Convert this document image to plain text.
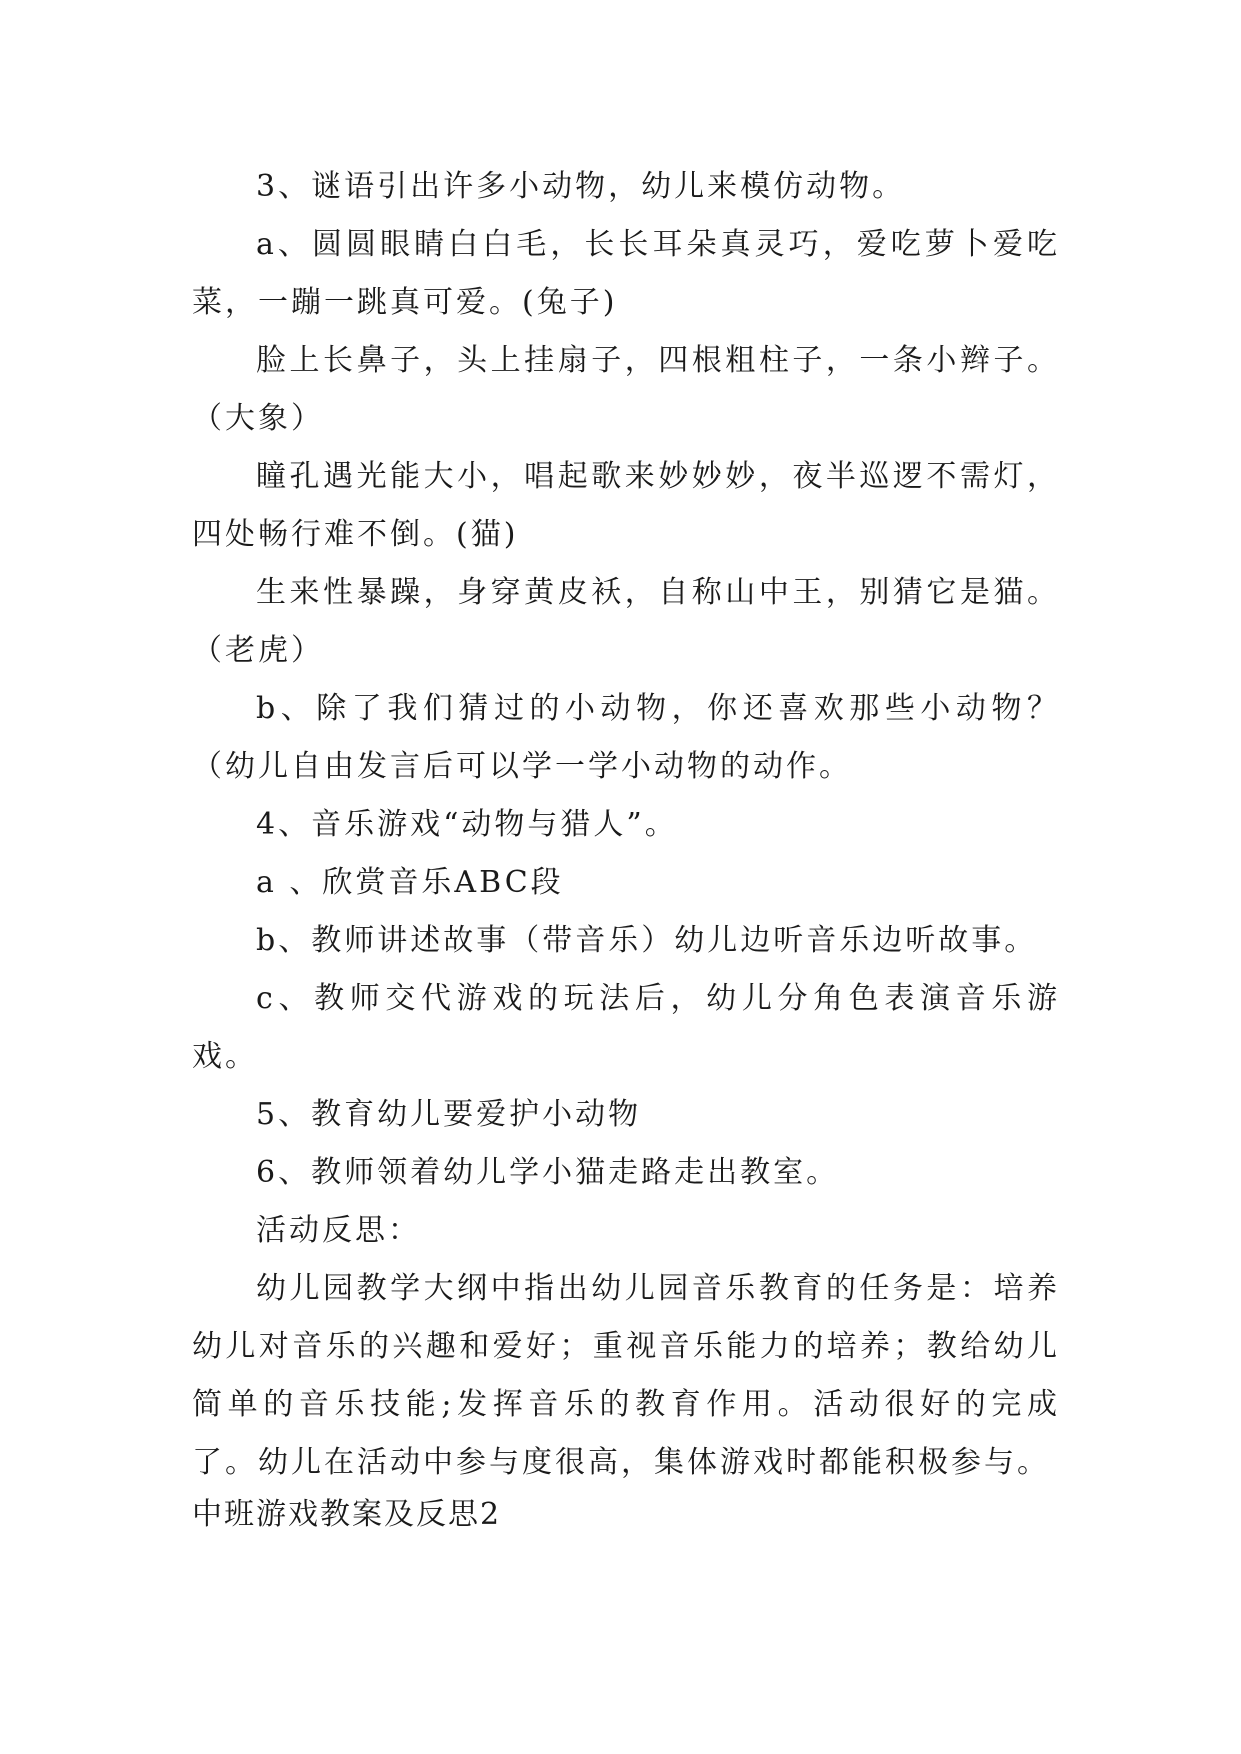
3、谜语引出许多小动物，幼儿来模仿动物。

a、圆圆眼睛白白毛，长长耳朵真灵巧，爱吃萝卜爱吃菜，一蹦一跳真可爱。(兔子)

脸上长鼻子，头上挂扇子，四根粗柱子，一条小辫子。（大象）

瞳孔遇光能大小，唱起歌来妙妙妙，夜半巡逻不需灯，四处畅行难不倒。(猫)

生来性暴躁，身穿黄皮袄，自称山中王，别猜它是猫。（老虎）

b、除了我们猜过的小动物，你还喜欢那些小动物？（幼儿自由发言后可以学一学小动物的动作。

4、音乐游戏“动物与猎人”。

a 、欣赏音乐ABC段

b、教师讲述故事（带音乐）幼儿边听音乐边听故事。

c、教师交代游戏的玩法后，幼儿分角色表演音乐游戏。

5、教育幼儿要爱护小动物

6、教师领着幼儿学小猫走路走出教室。

活动反思：

幼儿园教学大纲中指出幼儿园音乐教育的任务是：培养幼儿对音乐的兴趣和爱好；重视音乐能力的培养；教给幼儿简单的音乐技能;发挥音乐的教育作用。活动很好的完成了。幼儿在活动中参与度很高，集体游戏时都能积极参与。

中班游戏教案及反思2
